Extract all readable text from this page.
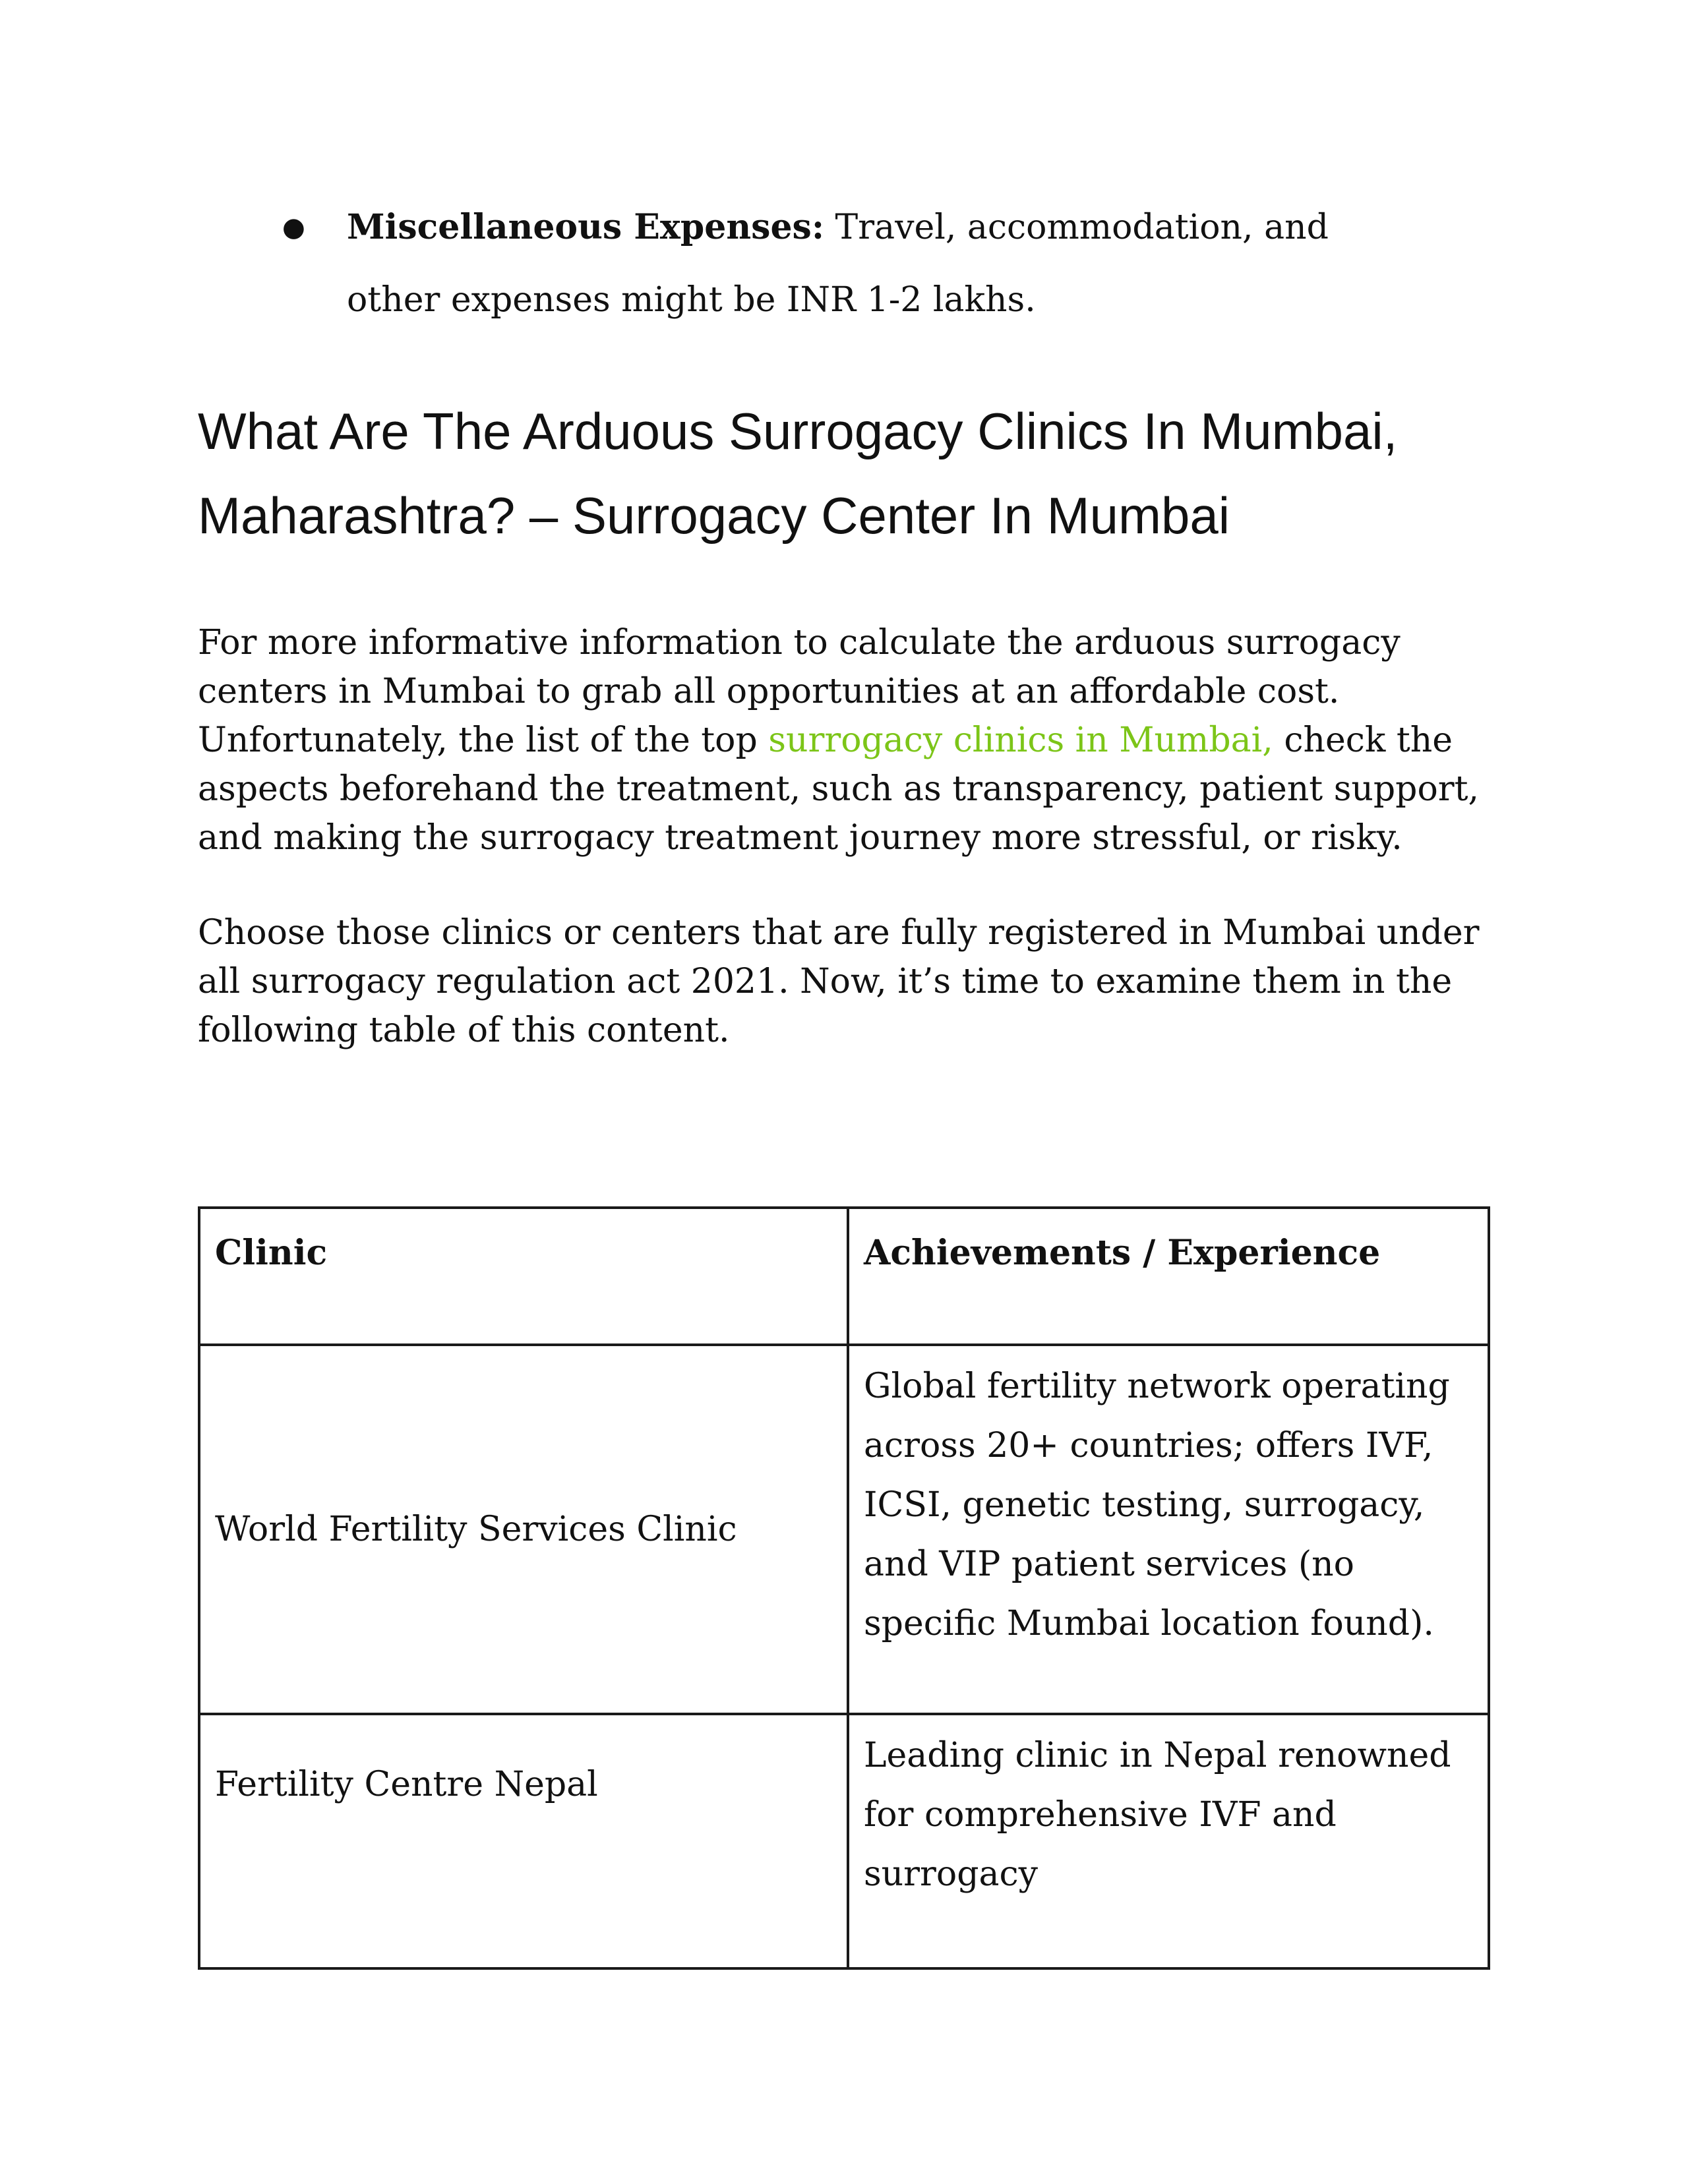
●	Miscellaneous Expenses: Travel, accommodation, and other expenses might be INR 1-2 lakhs.
What Are The Arduous Surrogacy Clinics In Mumbai, Maharashtra? – Surrogacy Center In Mumbai

For more informative information to calculate the arduous surrogacy centers in Mumbai to grab all opportunities at an affordable cost. Unfortunately, the list of the top surrogacy clinics in Mumbai, check the aspects beforehand the treatment, such as transparency, patient support, and making the surrogacy treatment journey more stressful, or risky.

Choose those clinics or centers that are fully registered in Mumbai under all surrogacy regulation act 2021. Now, it’s time to examine them in the following table of this content.

Clinic	Achievements / Experience
World Fertility Services Clinic	Global fertility network operating across 20+ countries; offers IVF, ICSI, genetic testing, surrogacy, and VIP patient services (no specific Mumbai location found).
Fertility Centre Nepal	Leading clinic in Nepal renowned for comprehensive IVF and surrogacy
